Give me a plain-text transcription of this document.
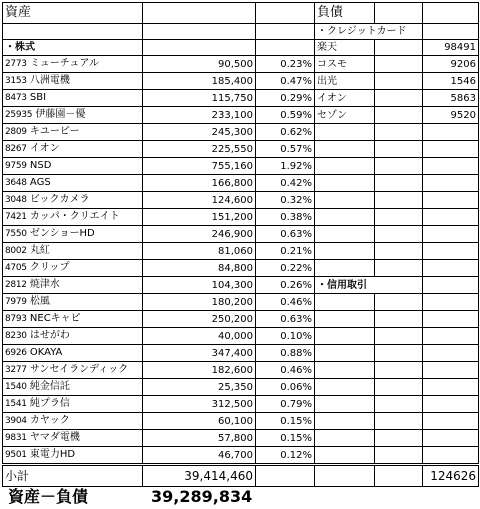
資産			負債		
			・クレジットカード		
・株式			楽天		98491
2773 ミューチュアル	90,500	0.23%	コスモ		9206
3153 八洲電機	185,400	0.47%	出光		1546
8473 SBI	115,750	0.29%	イオン		5863
25935 伊藤園－優	233,100	0.59%	セゾン		9520
2809 キユーピー	245,300	0.62%			
8267 イオン	225,550	0.57%			
9759 NSD	755,160	1.92%			
3648 AGS	166,800	0.42%			
3048 ビックカメラ	124,600	0.32%			
7421 カッパ・クリエイト	151,200	0.38%			
7550 ゼンショーHD	246,900	0.63%			
8002 丸紅	81,060	0.21%			
4705 クリップ	84,800	0.22%			
2812 焼津水	104,300	0.26%	・信用取引		
7979 松風	180,200	0.46%			
8793 NECキャピ	250,200	0.63%			
8230 はせがわ	40,000	0.10%			
6926 OKAYA	347,400	0.88%			
3277 サンセイランディック	182,600	0.46%			
1540 純金信託	25,350	0.06%			
1541 純プラ信	312,500	0.79%			
3904 カヤック	60,100	0.15%			
9831 ヤマダ電機	57,800	0.15%			
9501 東電力HD	46,700	0.12%			
小計	39,414,460				124626
資産－負債	39,289,834
